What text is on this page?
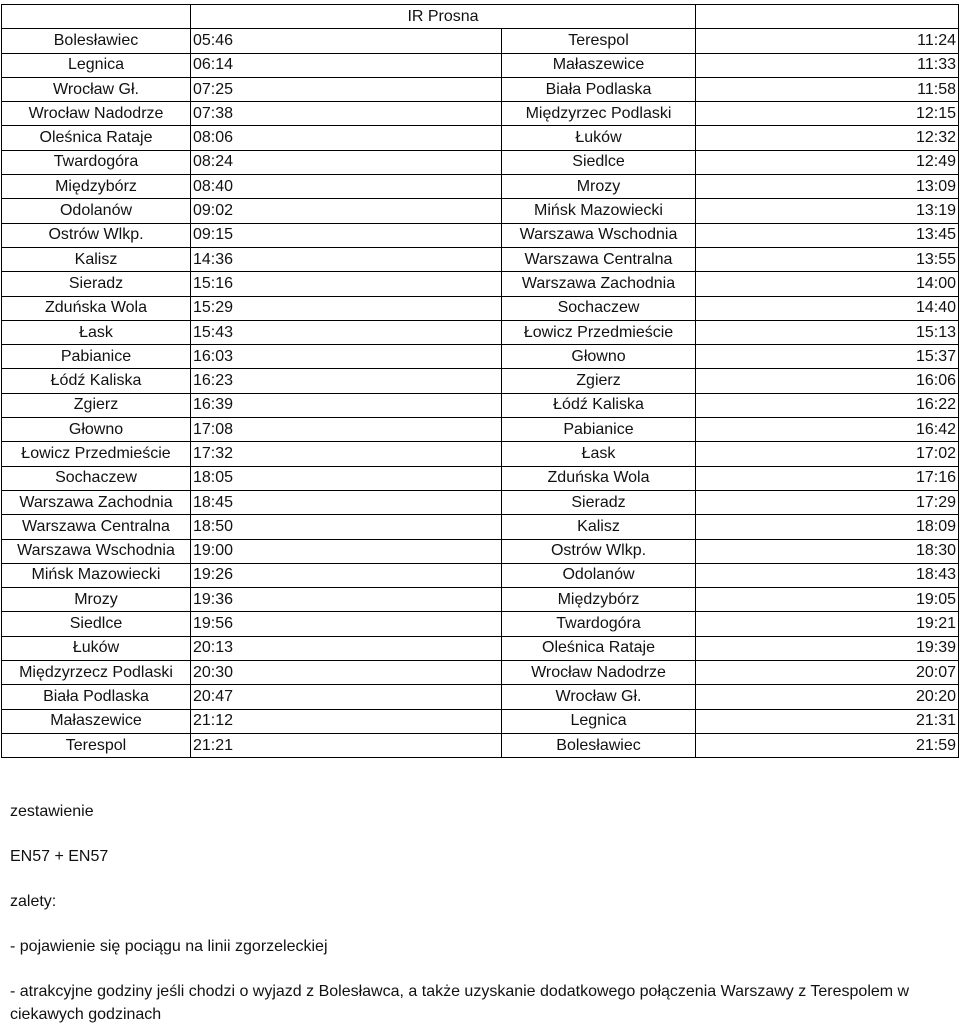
	IR Prosna		
Bolesławiec	05:46	Terespol	11:24
Legnica	06:14	Małaszewice	11:33
Wrocław Gł.	07:25	Biała Podlaska	11:58
Wrocław Nadodrze	07:38	Międzyrzec Podlaski	12:15
Oleśnica Rataje	08:06	Łuków	12:32
Twardogóra	08:24	Siedlce	12:49
Międzybórz	08:40	Mrozy	13:09
Odolanów	09:02	Mińsk Mazowiecki	13:19
Ostrów Wlkp.	09:15	Warszawa Wschodnia	13:45
Kalisz	14:36	Warszawa Centralna	13:55
Sieradz	15:16	Warszawa Zachodnia	14:00
Zduńska Wola	15:29	Sochaczew	14:40
Łask	15:43	Łowicz Przedmieście	15:13
Pabianice	16:03	Głowno	15:37
Łódź Kaliska	16:23	Zgierz	16:06
Zgierz	16:39	Łódź Kaliska	16:22
Głowno	17:08	Pabianice	16:42
Łowicz Przedmieście	17:32	Łask	17:02
Sochaczew	18:05	Zduńska Wola	17:16
Warszawa Zachodnia	18:45	Sieradz	17:29
Warszawa Centralna	18:50	Kalisz	18:09
Warszawa Wschodnia	19:00	Ostrów Wlkp.	18:30
Mińsk Mazowiecki	19:26	Odolanów	18:43
Mrozy	19:36	Międzybórz	19:05
Siedlce	19:56	Twardogóra	19:21
Łuków	20:13	Oleśnica Rataje	19:39
Międzyrzecz Podlaski	20:30	Wrocław Nadodrze	20:07
Biała Podlaska	20:47	Wrocław Gł.	20:20
Małaszewice	21:12	Legnica	21:31
Terespol	21:21	Bolesławiec	21:59

zestawienie

EN57 + EN57

zalety:

- pojawienie się pociągu na linii zgorzeleckiej

- atrakcyjne godziny jeśli chodzi o wyjazd z Bolesławca, a także uzyskanie dodatkowego połączenia Warszawy z Terespolem w ciekawych godzinach
